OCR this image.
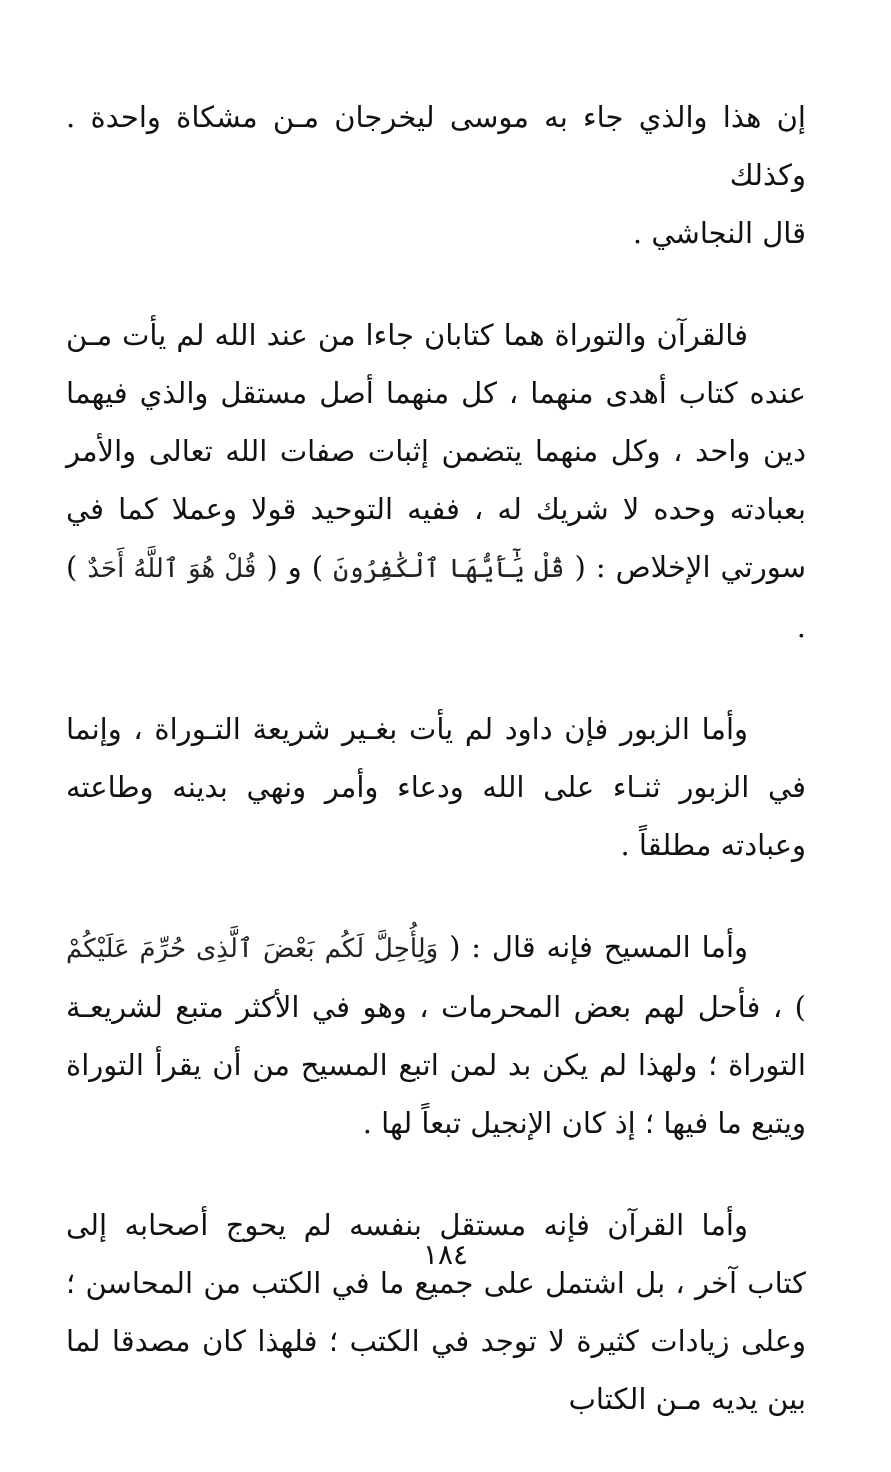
إن هذا والذي جاء به موسى ليخرجان مـن مشكاة واحدة . وكذلك
قال النجاشي .

فالقرآن والتوراة هما كتابان جاءا من عند الله لم يأت مـن عنده كتاب أهدى منهما ، كل منهما أصل مستقل والذي فيهما دين واحد ، وكل منهما يتضمن إثبات صفات الله تعالى والأمر بعبادته وحده لا شريك له ، ففيه التوحيد قولا وعملا كما في سورتي الإخلاص : ( قُلْ يَٰٓأَيُّهَا ٱلْكَٰفِرُونَ ) و ( قُلْ هُوَ ٱللَّهُ أَحَدٌ ) .

وأما الزبور فإن داود لم يأت بغـير شريعة التـوراة ، وإنما في الزبور ثنـاء على الله ودعاء وأمر ونهي بدينه وطاعته وعبادته مطلقاً .

وأما المسيح فإنه قال : ( وَلِأُحِلَّ لَكُم بَعْضَ ٱلَّذِى حُرِّمَ عَلَيْكُمْ ) ، فأحل لهم بعض المحرمات ، وهو في الأكثر متبع لشريعـة التوراة ؛ ولهذا لم يكن بد لمن اتبع المسيح من أن يقرأ التوراة ويتبع ما فيها ؛ إذ كان الإنجيل تبعاً لها .

وأما القرآن فإنه مستقل بنفسه لم يحوج أصحابه إلى كتاب آخر ، بل اشتمل على جميع ما في الكتب من المحاسن ؛ وعلى زيادات كثيرة لا توجد في الكتب ؛ فلهذا كان مصدقا لما بين يديه مـن الكتاب

١٨٤
